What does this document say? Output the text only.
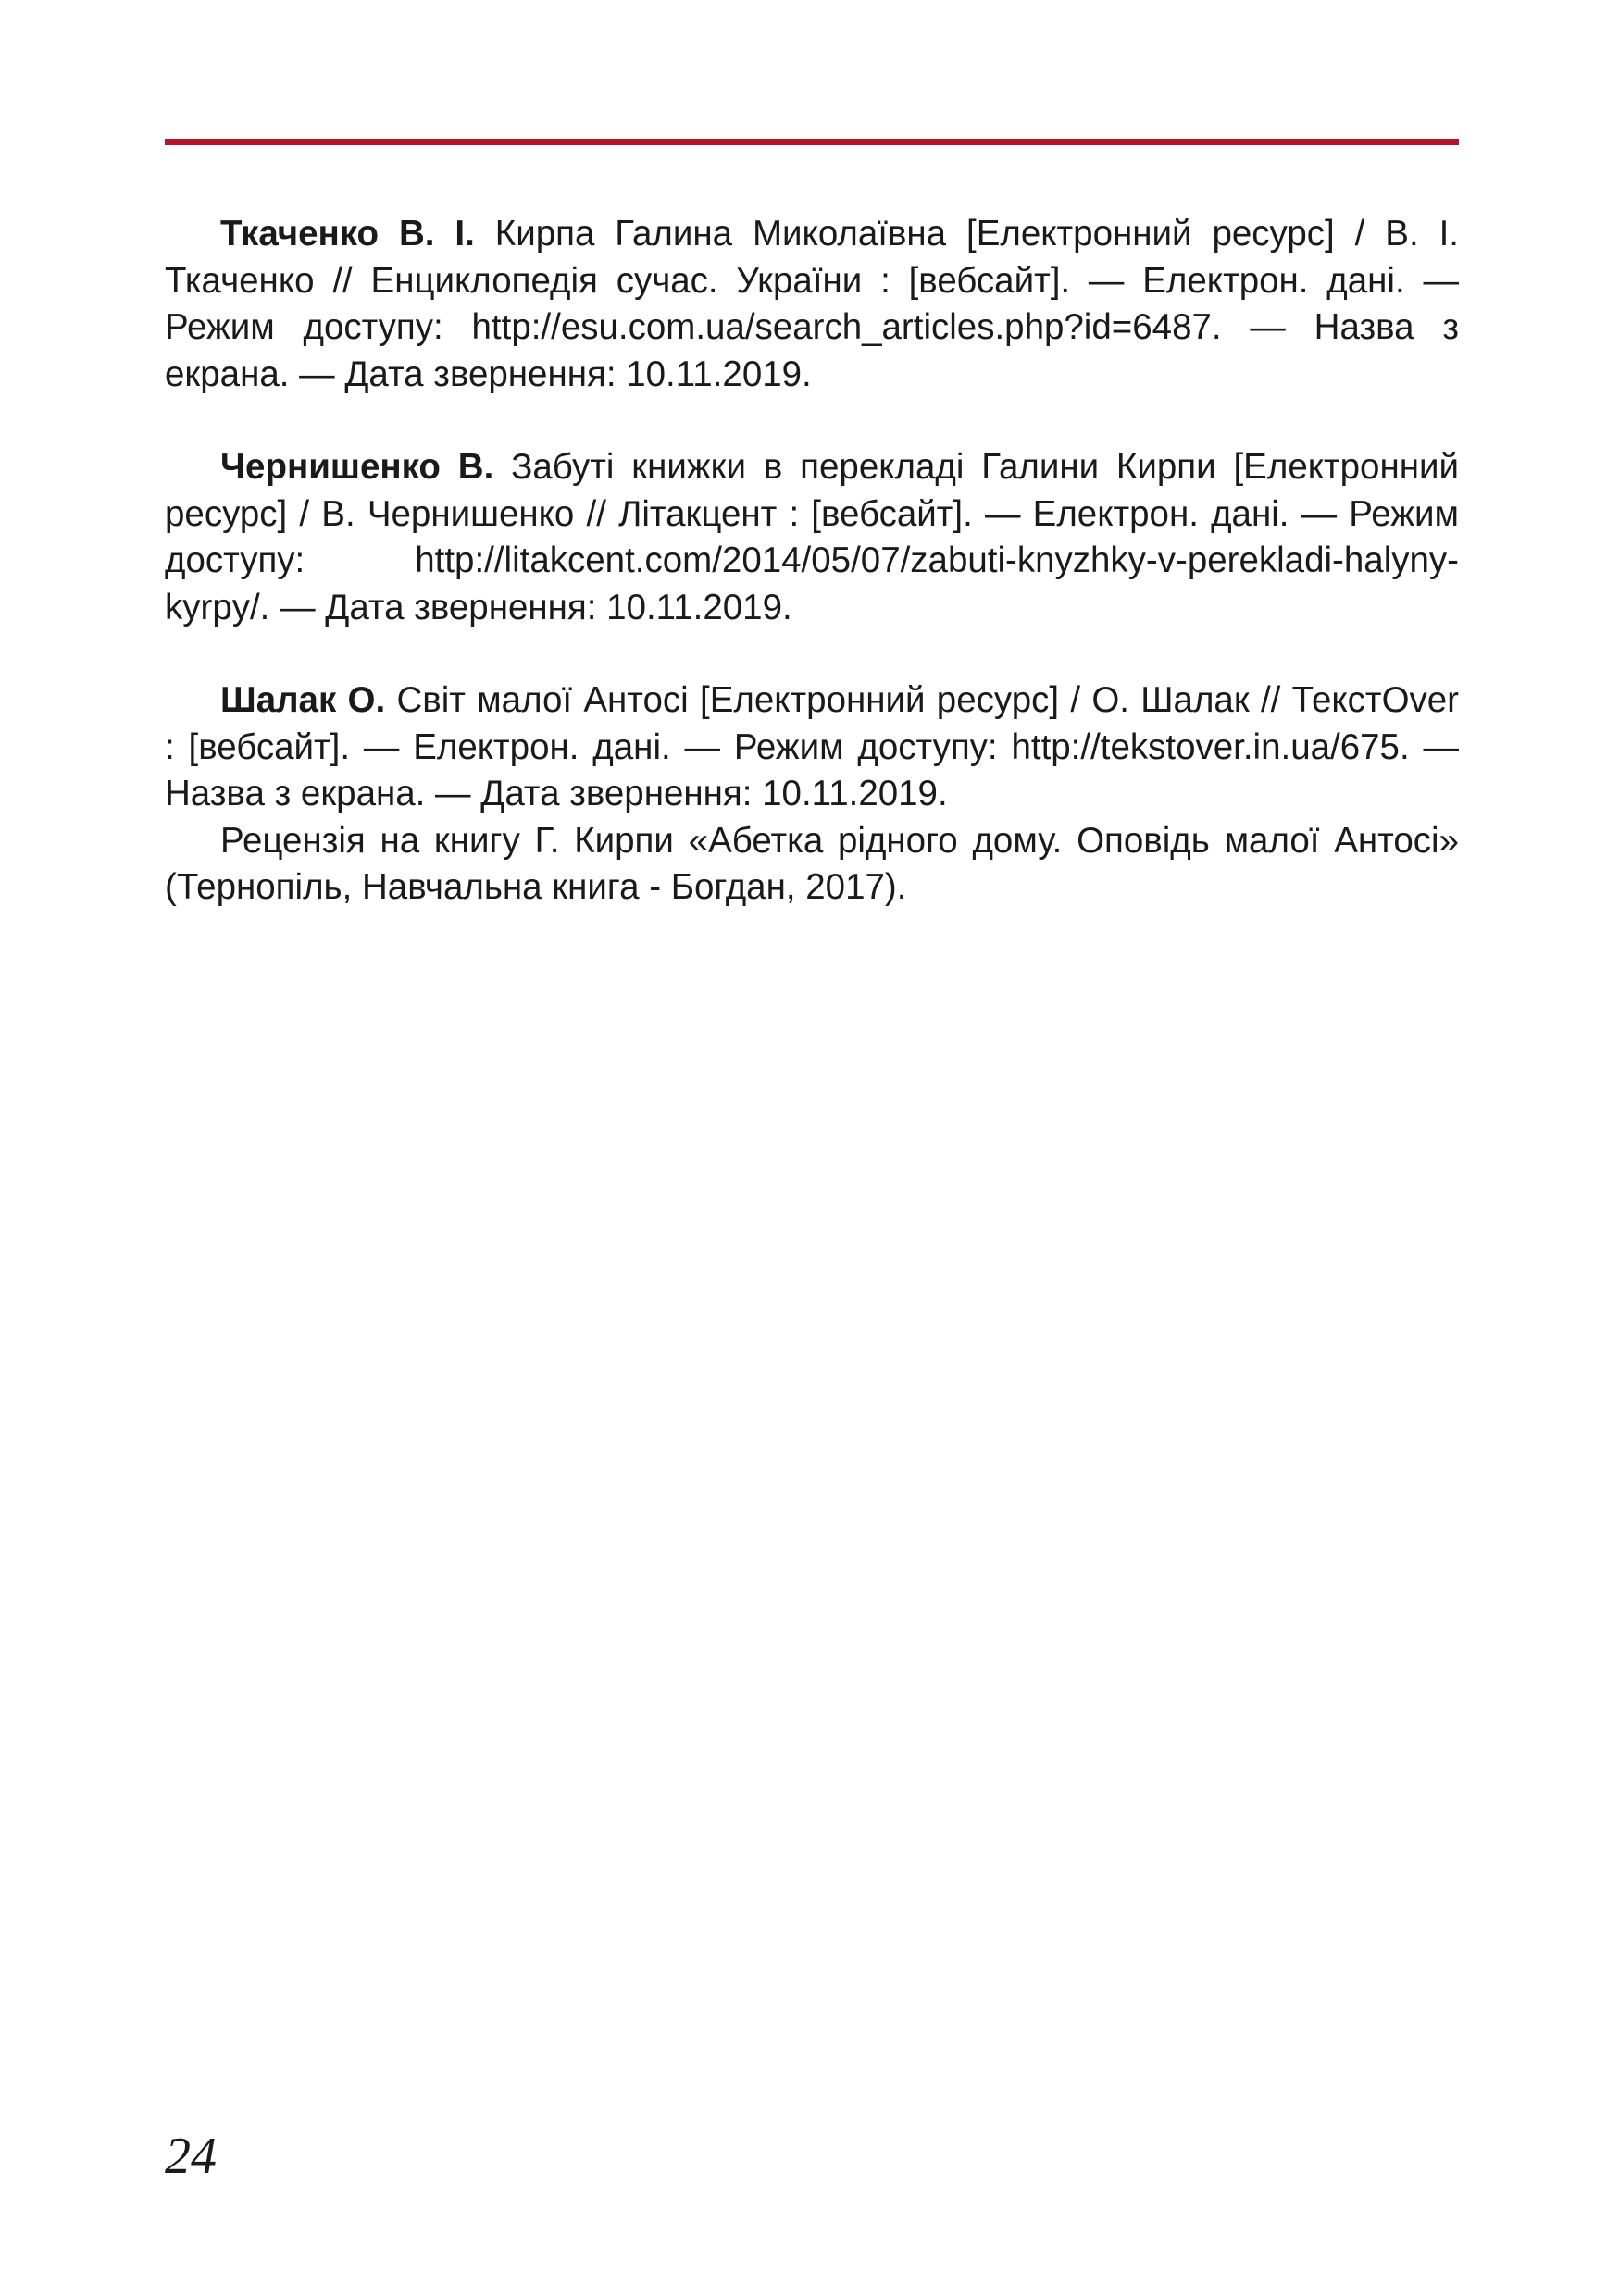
Ткаченко В. І. Кирпа Галина Миколаївна [Електронний ресурс] / В. І. Ткаченко // Енциклопедія сучас. України : [вебсайт]. — Електрон. дані. — Режим доступу: http://esu.com.ua/search_articles.php?id=6487. — Назва з екрана. — Дата звернення: 10.11.2019.

Чернишенко В. Забуті книжки в перекладі Галини Кирпи [Електронний ресурс] / В. Чернишенко // Літакцент : [вебсайт]. — Електрон. дані. — Режим доступу: http://litakcent.com/2014/05/07/zabuti-knyzhky-v-perekladi-halyny-kyrpy/. — Дата звернення: 10.11.2019.

Шалак О. Світ малої Антосі [Електронний ресурс] / О. Шалак // ТекстOver : [вебсайт]. — Електрон. дані. — Режим доступу: http://tekstover.in.ua/675. — Назва з екрана. — Дата звернення: 10.11.2019.

Рецензія на книгу Г. Кирпи «Абетка рідного дому. Оповідь малої Антосі» (Тернопіль, Навчальна книга - Богдан, 2017).

24
